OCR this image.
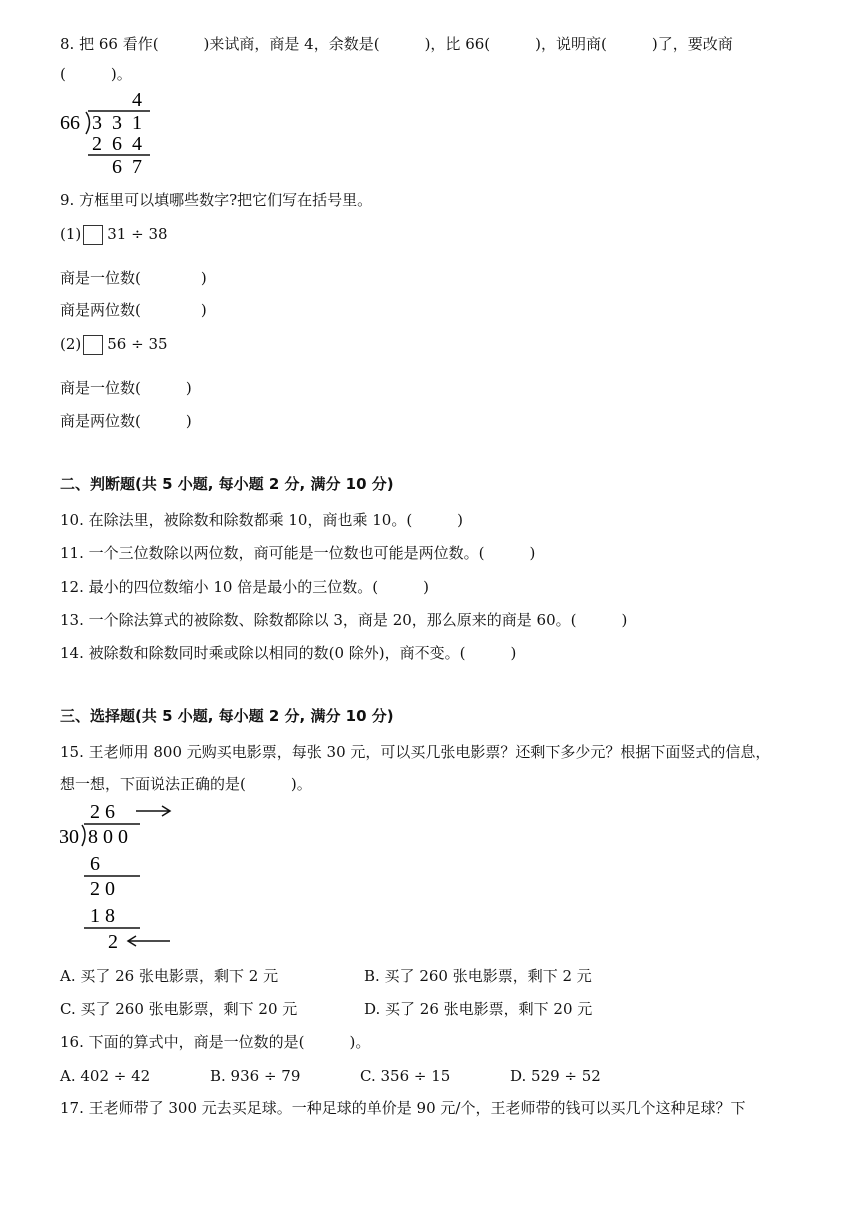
8. 把 66 看作(　　　)来试商，商是 4，余数是(　　　)，比 66(　　　)，说明商(　　　)了，要改商
(　　　)。
4
66 3 3 1
2 6 4
6 7
9. 方框里可以填哪些数字?把它们写在括号里。
(1) 31 ÷ 38
商是一位数(　　　　)
商是两位数(　　　　)
(2) 56 ÷ 35
商是一位数(　　　)
商是两位数(　　　)
二、判断题(共 5 小题, 每小题 2 分, 满分 10 分)
10. 在除法里，被除数和除数都乘 10，商也乘 10。(　　　)
11. 一个三位数除以两位数，商可能是一位数也可能是两位数。(　　　)
12. 最小的四位数缩小 10 倍是最小的三位数。(　　　)
13. 一个除法算式的被除数、除数都除以 3，商是 20，那么原来的商是 60。(　　　)
14. 被除数和除数同时乘或除以相同的数(0 除外)，商不变。(　　　)
三、选择题(共 5 小题, 每小题 2 分, 满分 10 分)
15. 王老师用 800 元购买电影票，每张 30 元，可以买几张电影票？还剩下多少元？根据下面竖式的信息，
想一想，下面说法正确的是(　　　)。
26
30 800
6
20
18
2
A. 买了 26 张电影票，剩下 2 元	B. 买了 260 张电影票，剩下 2 元
C. 买了 260 张电影票，剩下 20 元	D. 买了 26 张电影票，剩下 20 元
16. 下面的算式中，商是一位数的是(　　　)。
A. 402 ÷ 42	B. 936 ÷ 79	C. 356 ÷ 15	D. 529 ÷ 52
17. 王老师带了 300 元去买足球。一种足球的单价是 90 元/个，王老师带的钱可以买几个这种足球？下
